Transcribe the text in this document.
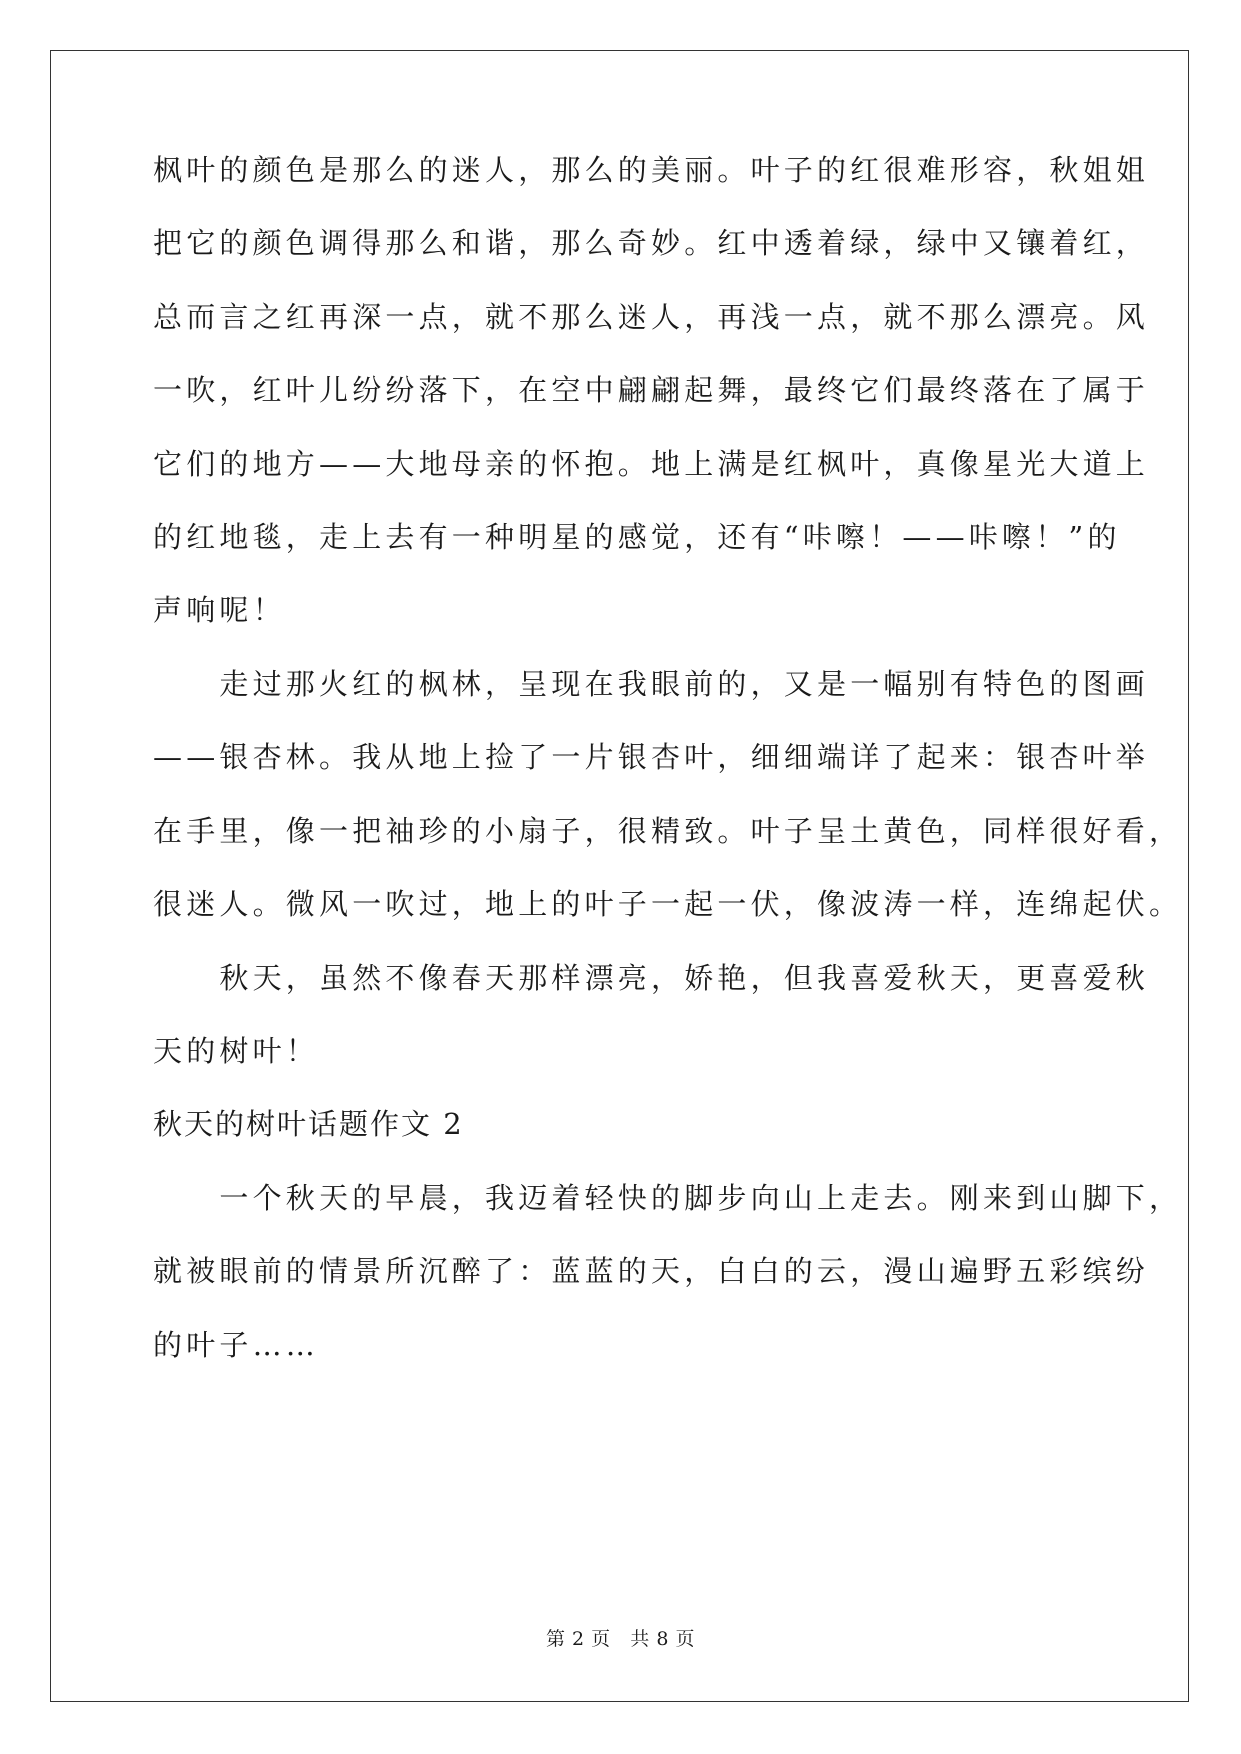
枫叶的颜色是那么的迷人，那么的美丽。叶子的红很难形容，秋姐姐
把它的颜色调得那么和谐，那么奇妙。红中透着绿，绿中又镶着红，
总而言之红再深一点，就不那么迷人，再浅一点，就不那么漂亮。风
一吹，红叶儿纷纷落下，在空中翩翩起舞，最终它们最终落在了属于
它们的地方——大地母亲的怀抱。地上满是红枫叶，真像星光大道上
的红地毯，走上去有一种明星的感觉，还有“咔嚓！——咔嚓！”的
声响呢！
　　走过那火红的枫林，呈现在我眼前的，又是一幅别有特色的图画
——银杏林。我从地上捡了一片银杏叶，细细端详了起来：银杏叶举
在手里，像一把袖珍的小扇子，很精致。叶子呈土黄色，同样很好看，
很迷人。微风一吹过，地上的叶子一起一伏，像波涛一样，连绵起伏。
　　秋天，虽然不像春天那样漂亮，娇艳，但我喜爱秋天，更喜爱秋
天的树叶！
秋天的树叶话题作文 2
　　一个秋天的早晨，我迈着轻快的脚步向山上走去。刚来到山脚下，
就被眼前的情景所沉醉了：蓝蓝的天，白白的云，漫山遍野五彩缤纷
的叶子……
第 2 页   共 8 页
